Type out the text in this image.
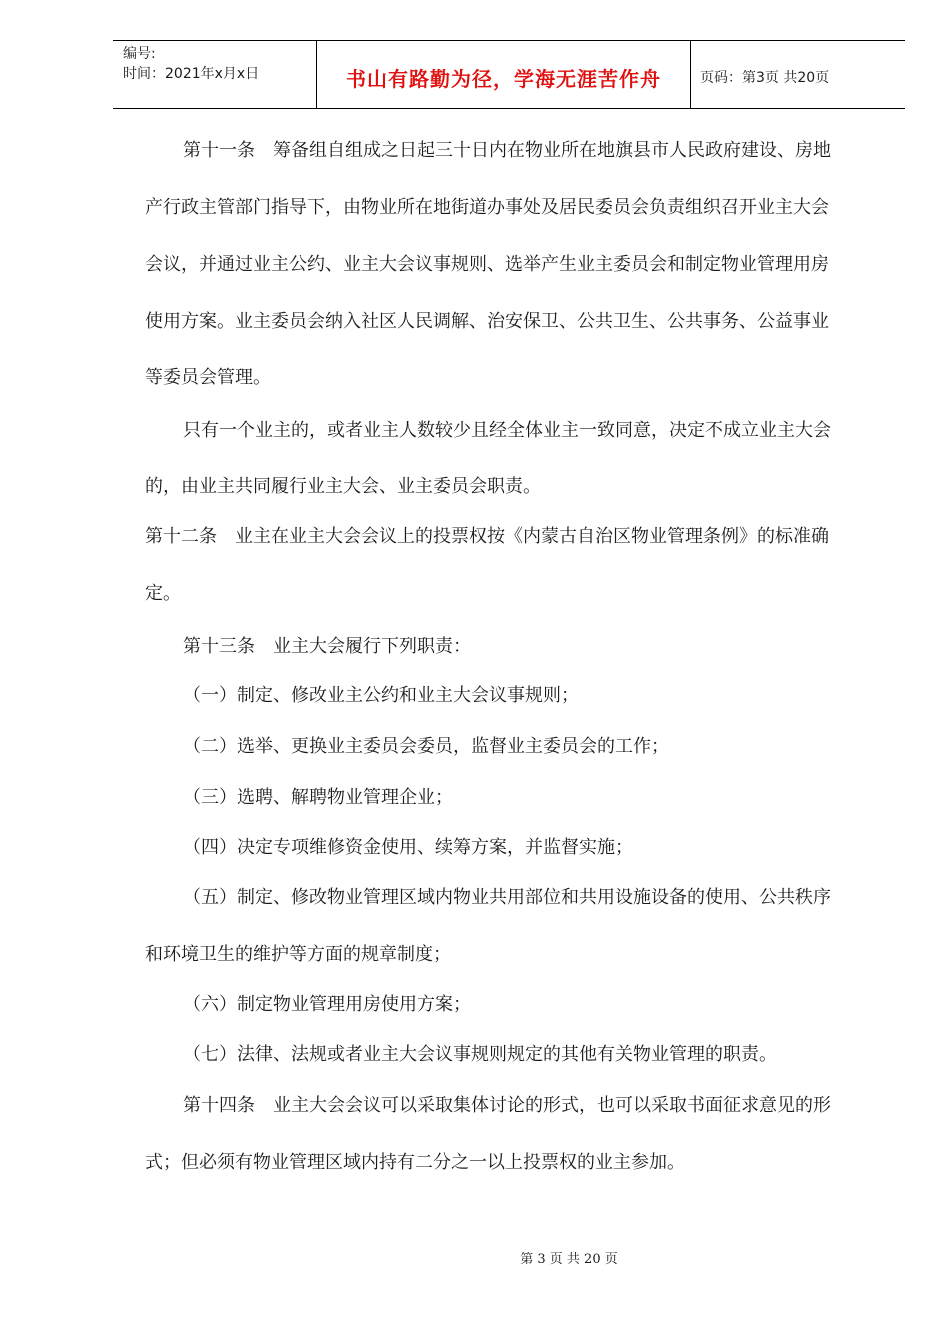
编号:
时间：2021年x月x日	书山有路勤为径，学海无涯苦作舟	页码：第3页 共20页
第十一条　筹备组自组成之日起三十日内在物业所在地旗县市人民政府建设、房地
产行政主管部门指导下，由物业所在地街道办事处及居民委员会负责组织召开业主大会
会议，并通过业主公约、业主大会议事规则、选举产生业主委员会和制定物业管理用房
使用方案。业主委员会纳入社区人民调解、治安保卫、公共卫生、公共事务、公益事业
等委员会管理。
只有一个业主的，或者业主人数较少且经全体业主一致同意，决定不成立业主大会
的，由业主共同履行业主大会、业主委员会职责。
第十二条　业主在业主大会会议上的投票权按《内蒙古自治区物业管理条例》的标准确
定。
第十三条　业主大会履行下列职责：
（一）制定、修改业主公约和业主大会议事规则；
（二）选举、更换业主委员会委员，监督业主委员会的工作；
（三）选聘、解聘物业管理企业；
（四）决定专项维修资金使用、续筹方案，并监督实施；
（五）制定、修改物业管理区域内物业共用部位和共用设施设备的使用、公共秩序
和环境卫生的维护等方面的规章制度；
（六）制定物业管理用房使用方案；
（七）法律、法规或者业主大会议事规则规定的其他有关物业管理的职责。
第十四条　业主大会会议可以采取集体讨论的形式，也可以采取书面征求意见的形
式；但必须有物业管理区域内持有二分之一以上投票权的业主参加。
第 3 页 共 20 页
